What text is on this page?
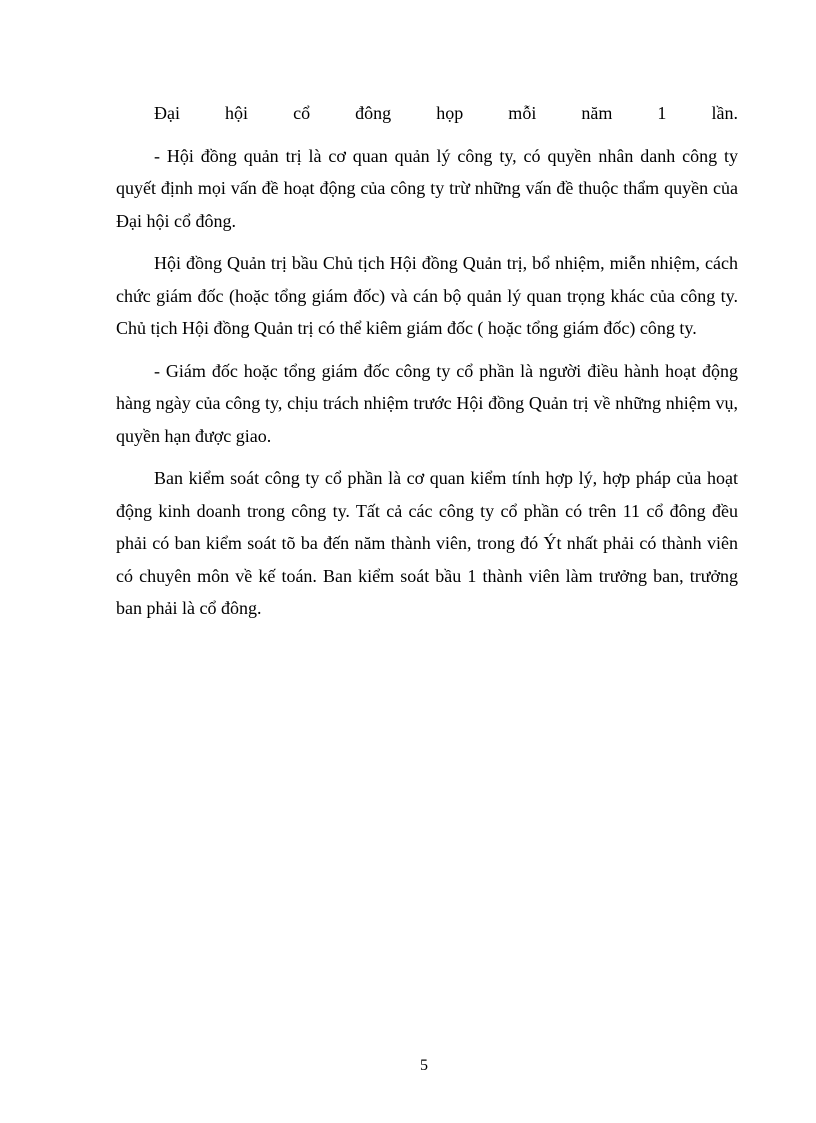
Đại hội cổ đông họp mỗi năm 1 lần.

- Hội đồng quản trị là cơ quan quản lý công ty, có quyền nhân danh công ty quyết định mọi vấn đề hoạt động của công ty trừ những vấn đề thuộc thẩm quyền của Đại hội cổ đông.

Hội đồng Quản trị bầu Chủ tịch Hội đồng Quản trị, bổ nhiệm, miễn nhiệm, cách chức giám đốc (hoặc tổng giám đốc) và cán bộ quản lý quan trọng khác của công ty. Chủ tịch Hội đồng Quản trị có thể kiêm giám đốc ( hoặc tổng giám đốc) công ty.

- Giám đốc hoặc tổng giám đốc công ty cổ phần là người điều hành hoạt động hàng ngày của công ty, chịu trách nhiệm trước Hội đồng Quản trị về những nhiệm vụ, quyền hạn được giao.

Ban kiểm soát công ty cổ phần là cơ quan kiểm tính hợp lý, hợp pháp của hoạt động kinh doanh trong công ty. Tất cả các công ty cổ phần có trên 11 cổ đông đều phải có ban kiểm soát tõ ba đến năm thành viên, trong đó Ýt nhất phải có thành viên có chuyên môn về kế toán. Ban kiểm soát bầu 1 thành viên làm trưởng ban, trưởng ban phải là cổ đông.

5
